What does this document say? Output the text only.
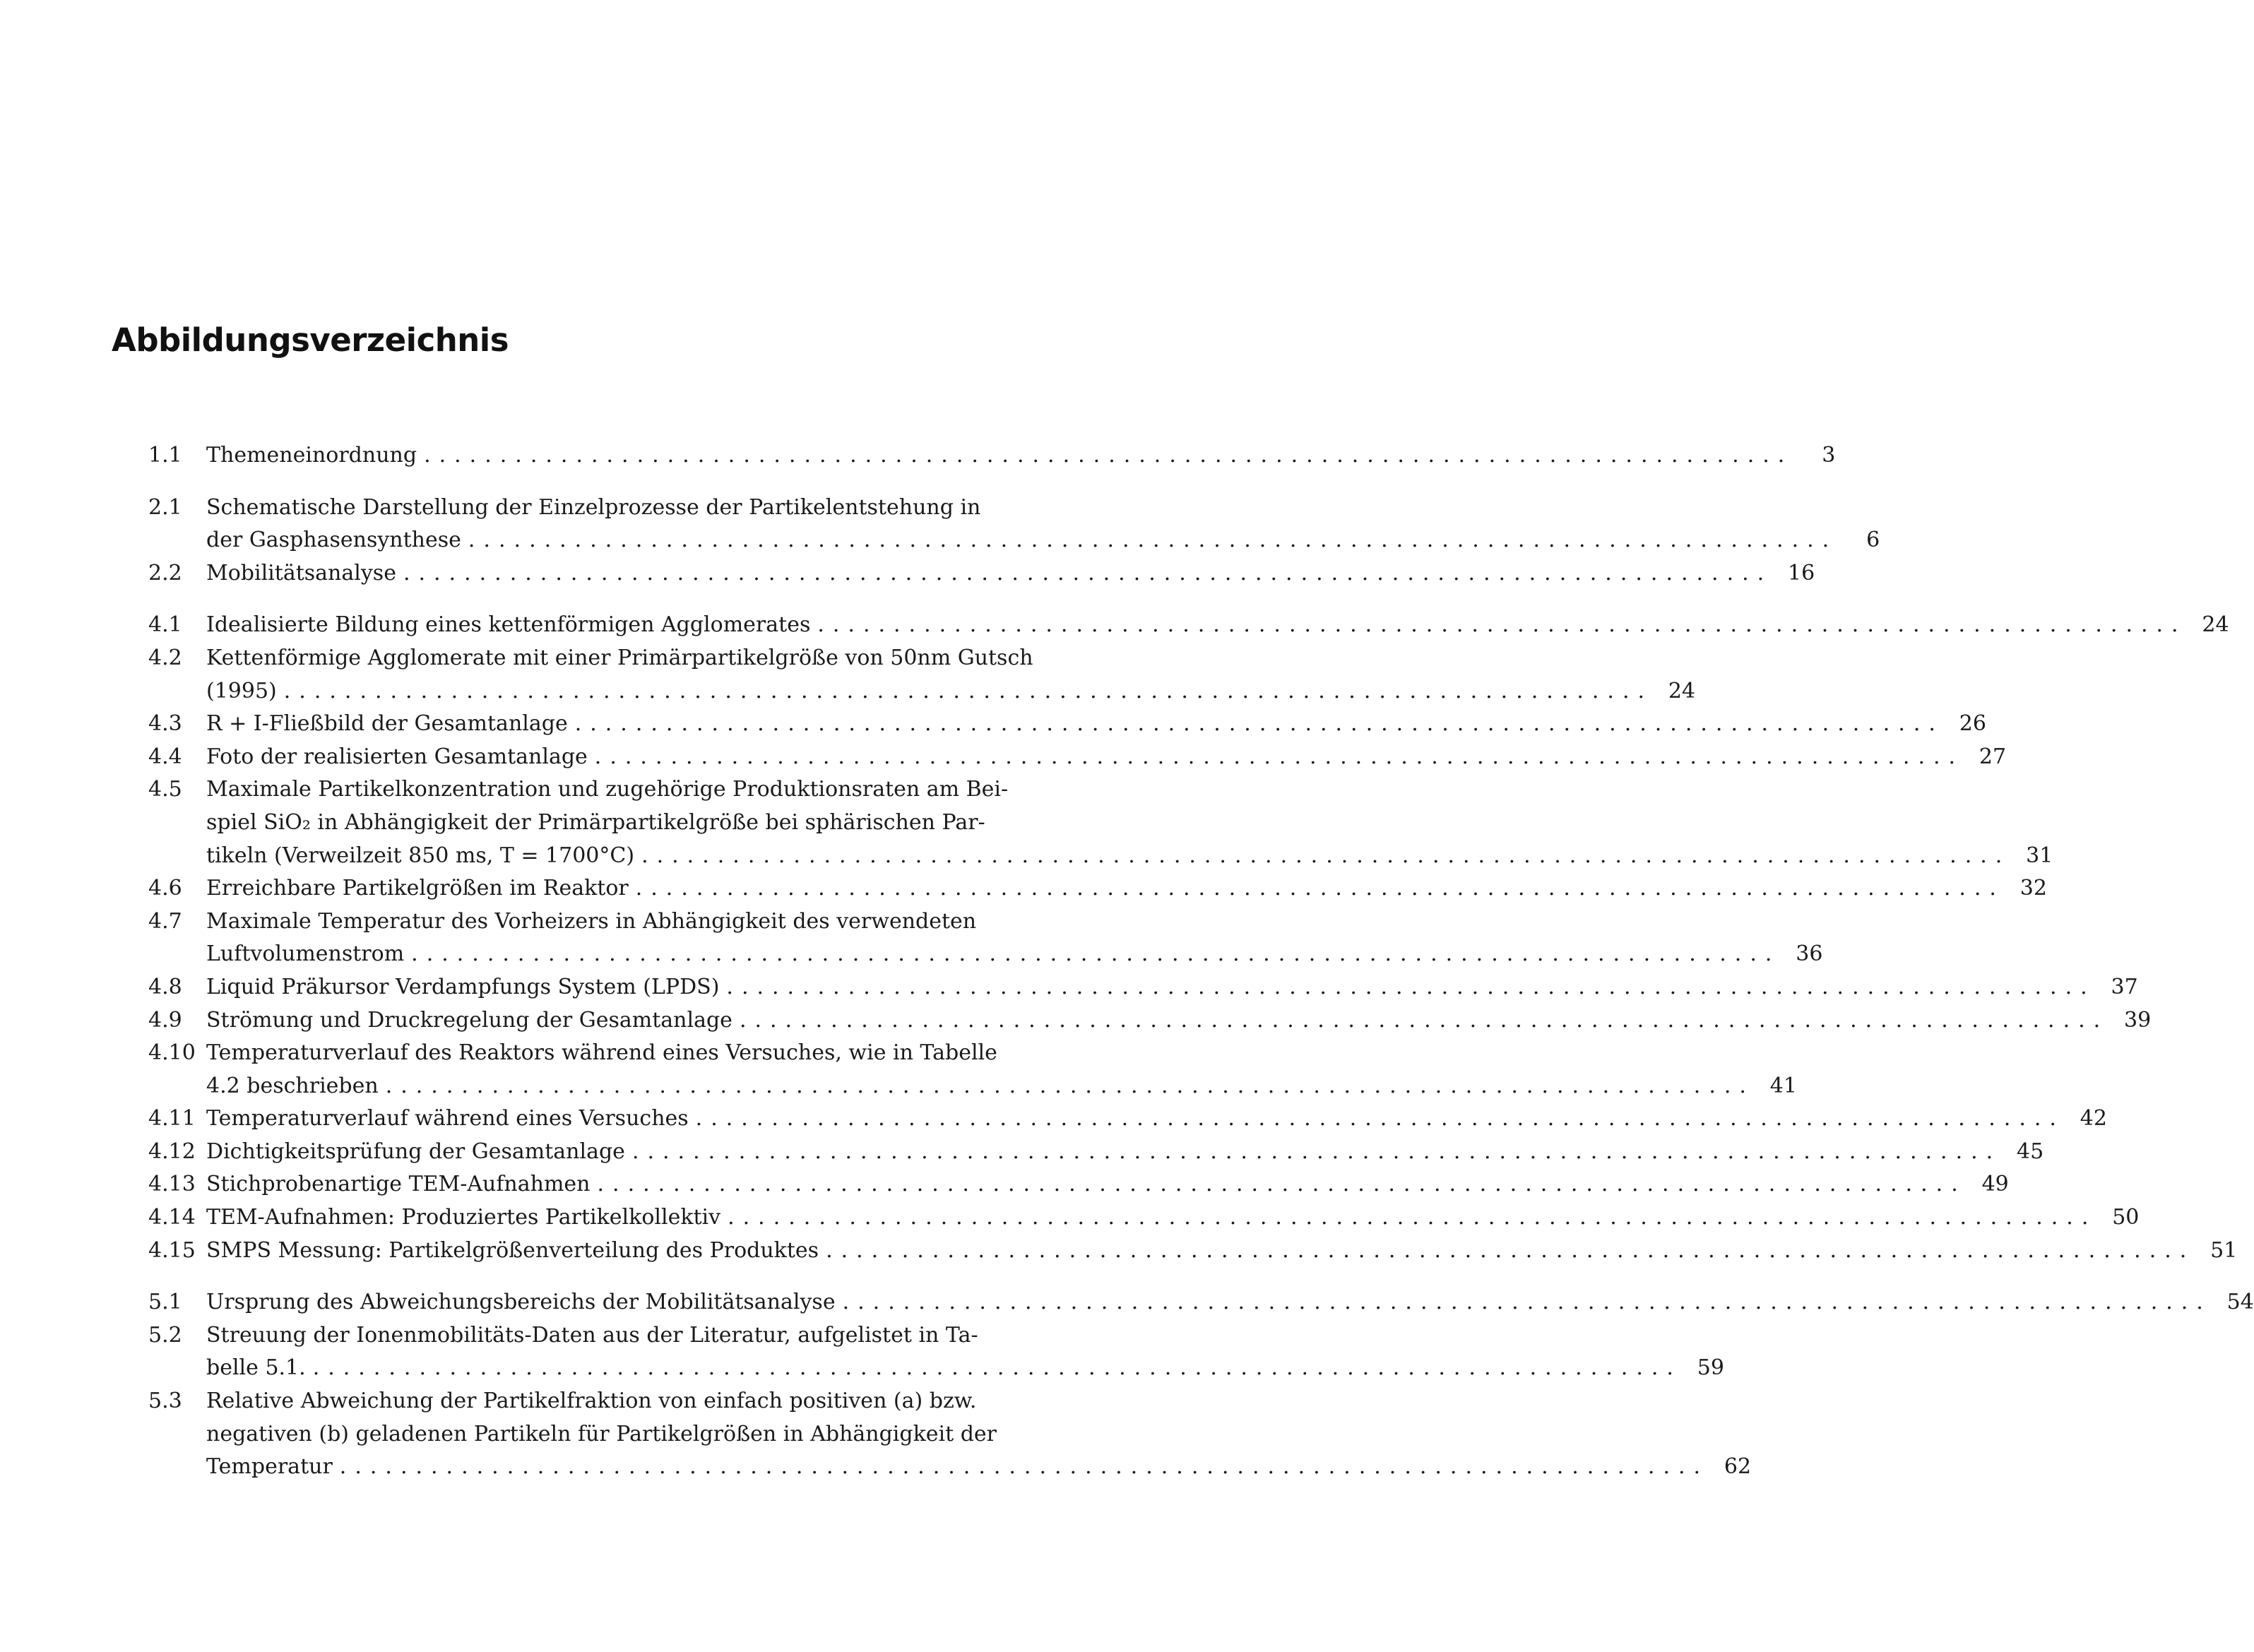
Abbildungsverzeichnis
1.1	Themeneinordnung ..........................................................................................	3
2.1	Schematische Darstellung der Einzelprozesse der Partikelentstehung in
der Gasphasensynthese ..........................................................................................	6
2.2	Mobilitätsanalyse .......................................................................................... 16
4.1	Idealisierte Bildung eines kettenförmigen Agglomerates .......................................................................................... 24
4.2	Kettenförmige Agglomerate mit einer Primärpartikelgröße von 50nm Gutsch
(1995) .......................................................................................... 24
4.3	R + I-Fließbild der Gesamtanlage .......................................................................................... 26
4.4	Foto der realisierten Gesamtanlage .......................................................................................... 27
4.5	Maximale Partikelkonzentration und zugehörige Produktionsraten am Bei-
spiel SiO₂ in Abhängigkeit der Primärpartikelgröße bei sphärischen Par-
tikeln (Verweilzeit 850 ms, T = 1700°C) .......................................................................................... 31
4.6	Erreichbare Partikelgrößen im Reaktor .......................................................................................... 32
4.7	Maximale Temperatur des Vorheizers in Abhängigkeit des verwendeten
Luftvolumenstrom .......................................................................................... 36
4.8	Liquid Präkursor Verdampfungs System (LPDS) .......................................................................................... 37
4.9	Strömung und Druckregelung der Gesamtanlage .......................................................................................... 39
4.10 Temperaturverlauf des Reaktors während eines Versuches, wie in Tabelle
4.2 beschrieben .......................................................................................... 41
4.11 Temperaturverlauf während eines Versuches .......................................................................................... 42
4.12 Dichtigkeitsprüfung der Gesamtanlage .......................................................................................... 45
4.13 Stichprobenartige TEM-Aufnahmen .......................................................................................... 49
4.14 TEM-Aufnahmen: Produziertes Partikelkollektiv .......................................................................................... 50
4.15 SMPS Messung: Partikelgrößenverteilung des Produktes .......................................................................................... 51
5.1	Ursprung des Abweichungsbereichs der Mobilitätsanalyse .......................................................................................... 54
5.2	Streuung der Ionenmobilitäts-Daten aus der Literatur, aufgelistet in Ta-
belle 5.1. .......................................................................................... 59
5.3	Relative Abweichung der Partikelfraktion von einfach positiven (a) bzw.
negativen (b) geladenen Partikeln für Partikelgrößen in Abhängigkeit der
Temperatur .......................................................................................... 62
